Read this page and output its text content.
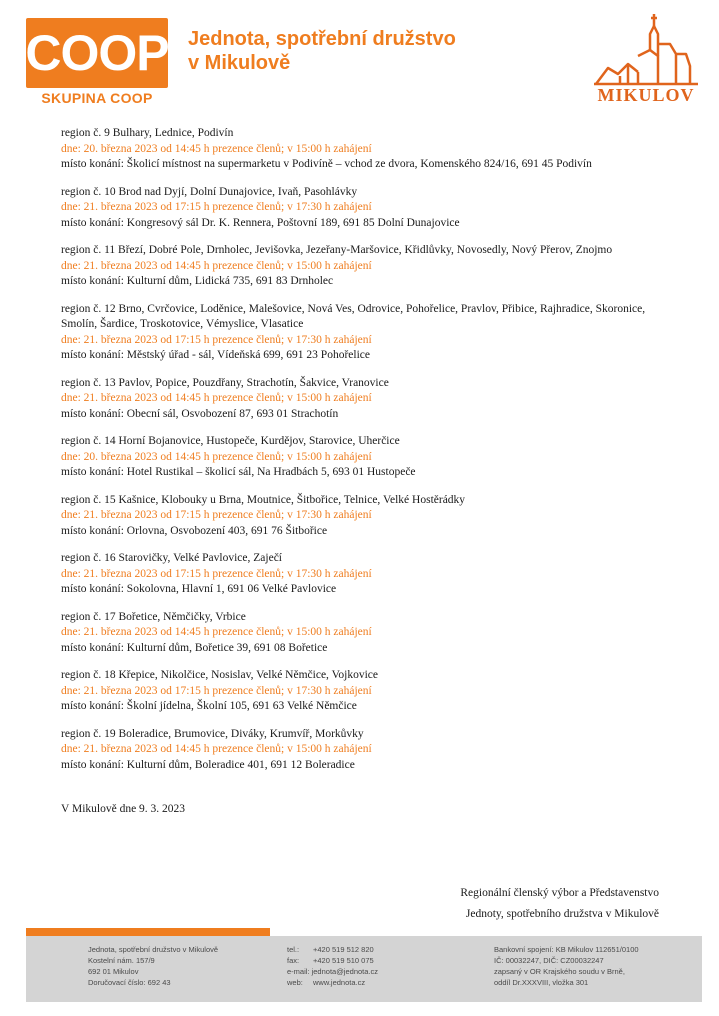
COOP
SKUPINA COOP
Jednota, spotřební družstvo
v Mikulově
MIKULOV
region č. 9 Bulhary, Lednice, Podivín
dne: 20. března 2023 od 14:45 h prezence členů; v 15:00 h zahájení
místo konání: Školicí místnost na supermarketu v Podivíně – vchod ze dvora, Komenského 824/16, 691 45 Podivín
region č. 10 Brod nad Dyjí, Dolní Dunajovice, Ivaň, Pasohlávky
dne: 21. března 2023 od 17:15 h prezence členů; v 17:30 h zahájení
místo konání: Kongresový sál Dr. K. Rennera, Poštovní 189, 691 85 Dolní Dunajovice
region č. 11 Březí, Dobré Pole, Drnholec, Jevišovka, Jezeřany-Maršovice, Křidlůvky, Novosedly, Nový Přerov, Znojmo
dne: 21. března 2023 od 14:45 h prezence členů; v 15:00 h zahájení
místo konání: Kulturní dům, Lidická 735, 691 83 Drnholec
region č. 12 Brno, Cvrčovice, Loděnice, Malešovice, Nová Ves, Odrovice, Pohořelice, Pravlov, Přibice, Rajhradice, Skoronice, Smolín, Šardice, Troskotovice, Vémyslice, Vlasatice
dne: 21. března 2023 od 17:15 h prezence členů; v 17:30 h zahájení
místo konání: Městský úřad - sál, Vídeňská 699, 691 23 Pohořelice
region č. 13 Pavlov, Popice, Pouzdřany, Strachotín, Šakvice, Vranovice
dne: 21. března 2023 od 14:45 h prezence členů; v 15:00 h zahájení
místo konání: Obecní sál, Osvobození 87, 693 01 Strachotín
region č. 14 Horní Bojanovice, Hustopeče, Kurdějov, Starovice, Uherčice
dne: 20. března 2023 od 14:45 h prezence členů; v 15:00 h zahájení
místo konání: Hotel Rustikal – školicí sál, Na Hradbách 5, 693 01 Hustopeče
region č. 15 Kašnice, Klobouky u Brna, Moutnice, Šitbořice, Telnice, Velké Hostěrádky
dne: 21. března 2023 od 17:15 h prezence členů; v 17:30 h zahájení
místo konání: Orlovna, Osvobození 403, 691 76 Šitbořice
region č. 16 Starovičky, Velké Pavlovice, Zaječí
dne: 21. března 2023 od 17:15 h prezence členů; v 17:30 h zahájení
místo konání: Sokolovna, Hlavní 1, 691 06 Velké Pavlovice
region č. 17 Bořetice, Němčičky, Vrbice
dne: 21. března 2023 od 14:45 h prezence členů; v 15:00 h zahájení
místo konání: Kulturní dům, Bořetice 39, 691 08 Bořetice
region č. 18 Křepice, Nikolčice, Nosislav, Velké Němčice, Vojkovice
dne: 21. března 2023 od 17:15 h prezence členů; v 17:30 h zahájení
místo konání: Školní jídelna, Školní 105, 691 63 Velké Němčice
region č. 19 Boleradice, Brumovice, Diváky, Krumvíř, Morkůvky
dne: 21. března 2023 od 14:45 h prezence členů; v 15:00 h zahájení
místo konání: Kulturní dům, Boleradice 401, 691 12 Boleradice
V Mikulově dne 9. 3. 2023
Regionální členský výbor a Představenstvo
Jednoty, spotřebního družstva v Mikulově
Jednota, spotřební družstvo v Mikulově
Kostelní nám. 157/9
692 01 Mikulov
Doručovací číslo: 692 43
tel.: +420 519 512 820
fax: +420 519 510 075
e-mail: jednota@jednota.cz
web: www.jednota.cz
Bankovní spojení: KB Mikulov 112651/0100
IČ: 00032247, DIČ: CZ00032247
zapsaný v OR Krajského soudu v Brně,
oddíl Dr.XXXVIII, vložka 301
